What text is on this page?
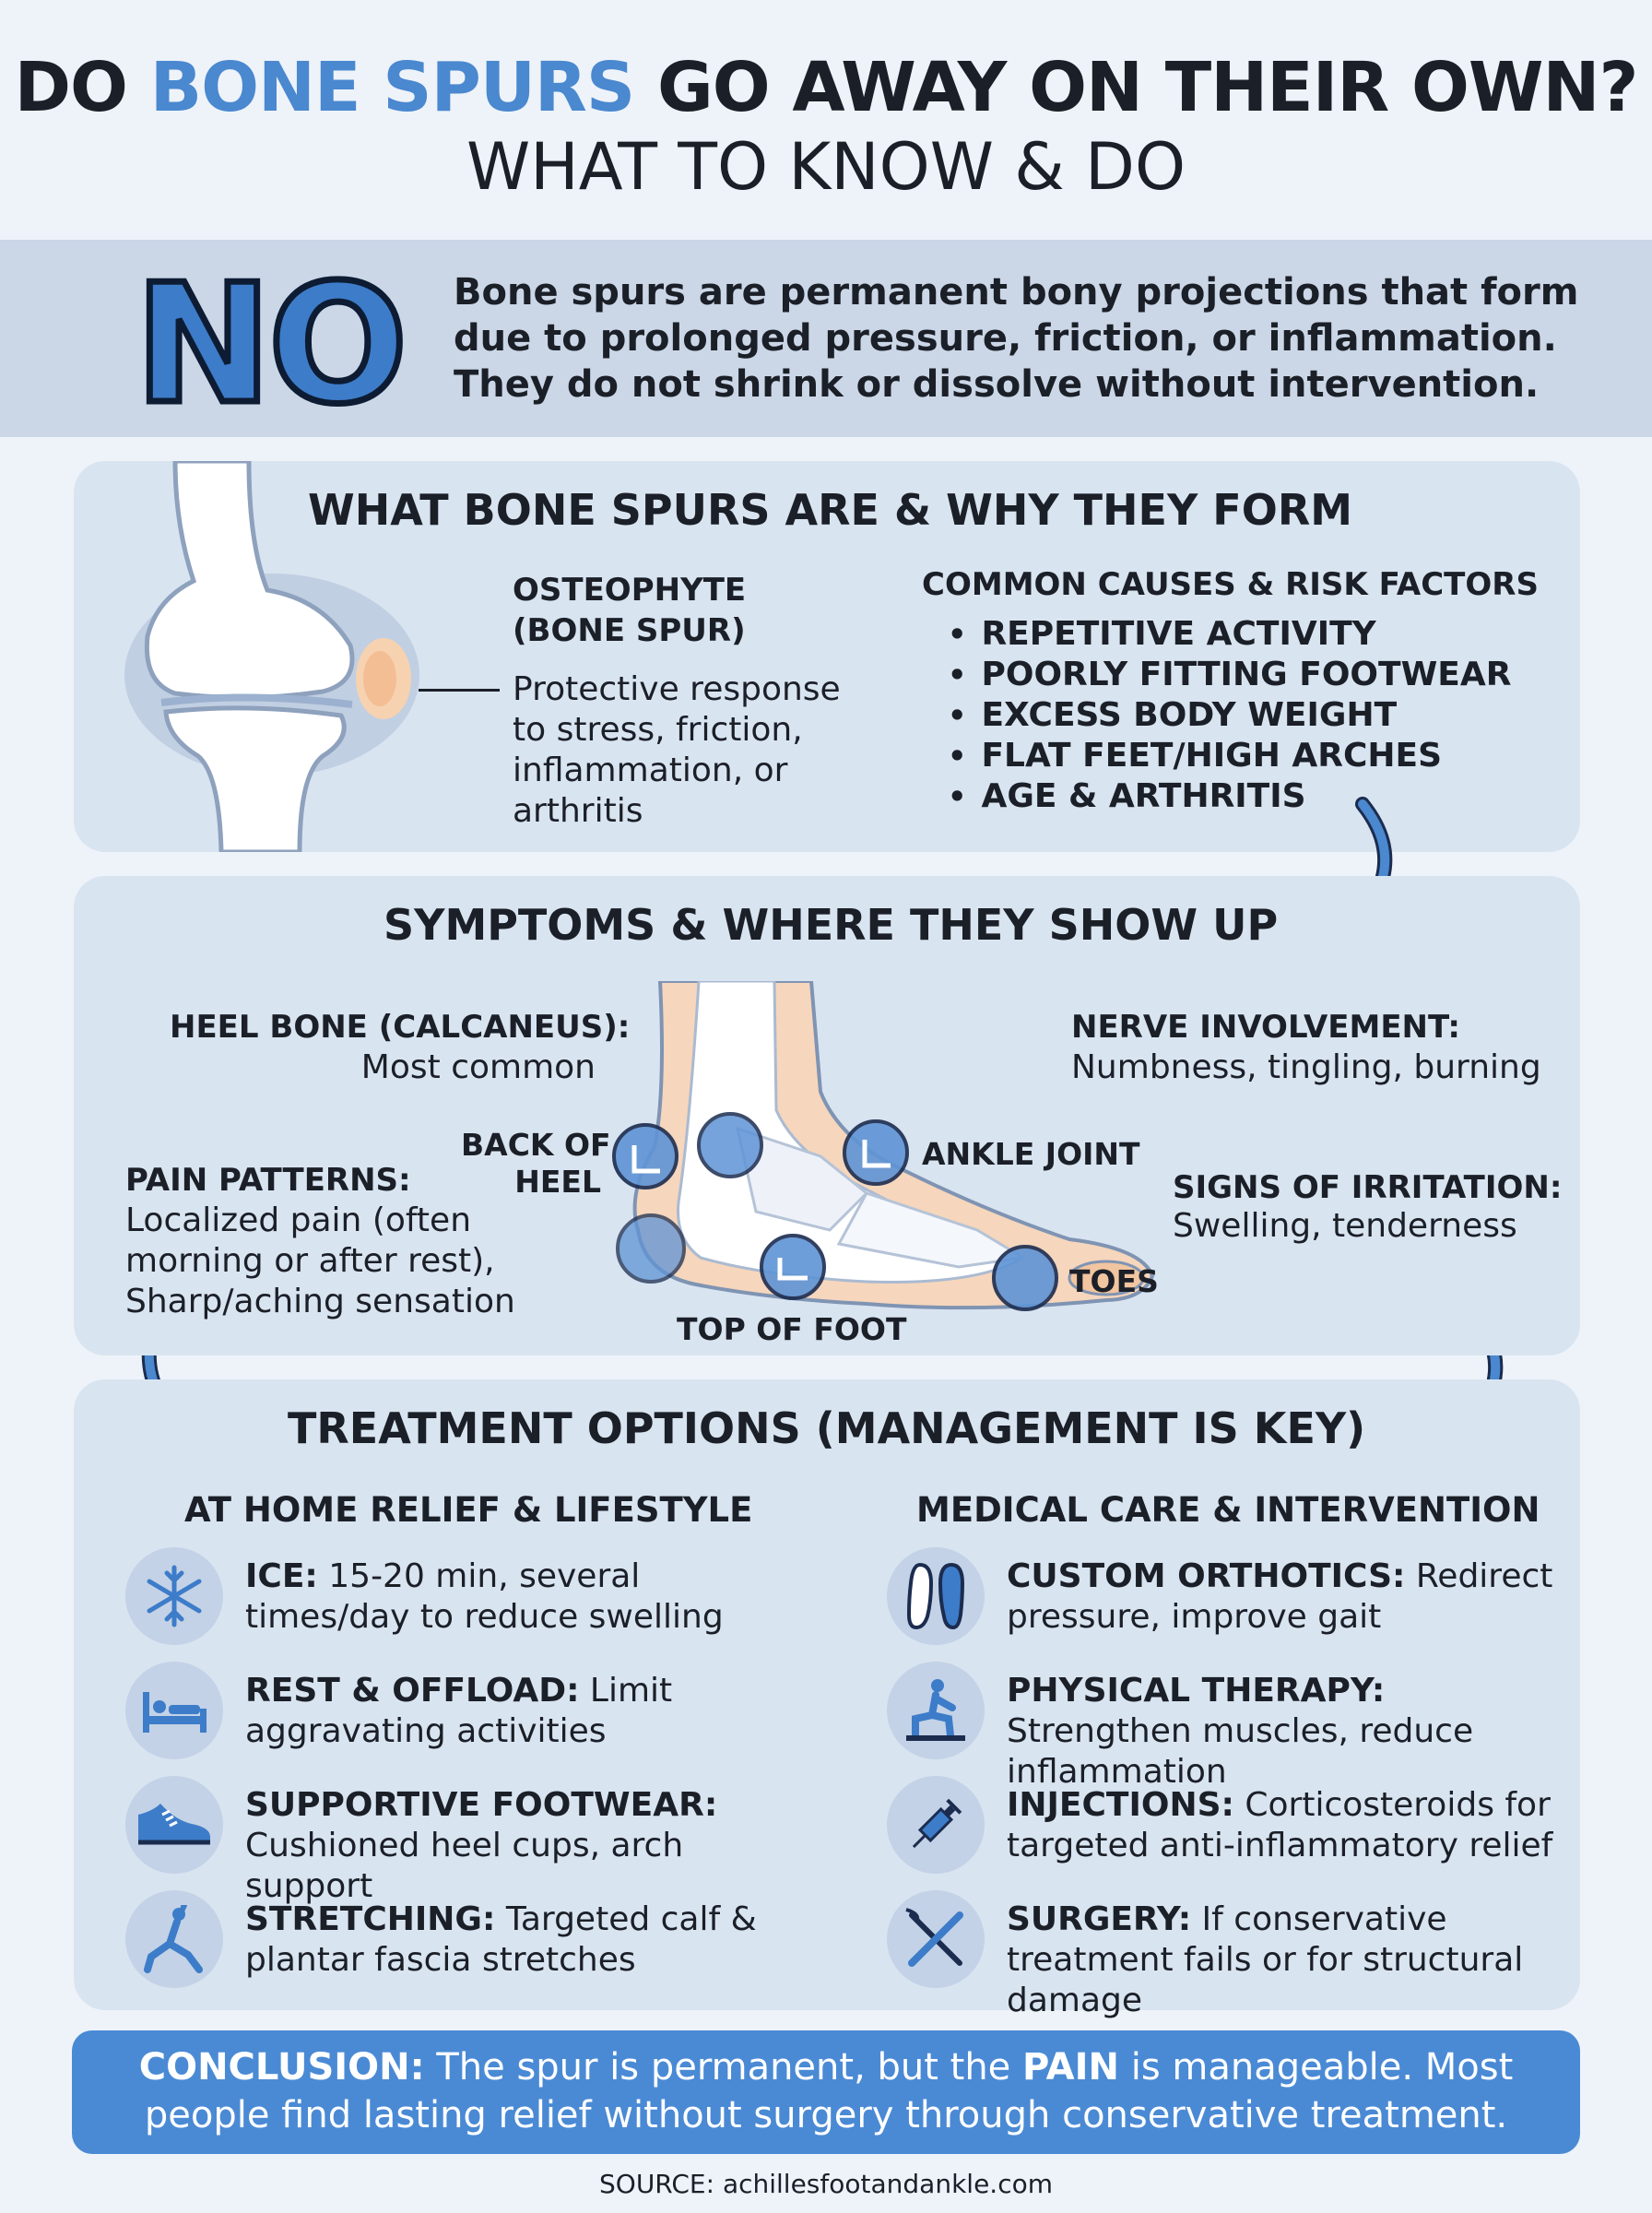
DO BONE SPURS GO AWAY ON THEIR OWN?
WHAT TO KNOW & DO
NO Bone spurs are permanent bony projections that form due to prolonged pressure, friction, or inflammation. They do not shrink or dissolve without intervention.
WHAT BONE SPURS ARE & WHY THEY FORM
OSTEOPHYTE
(BONE SPUR)
Protective response to stress, friction, inflammation, or arthritis
COMMON CAUSES & RISK FACTORS
• REPETITIVE ACTIVITY
• POORLY FITTING FOOTWEAR
• EXCESS BODY WEIGHT
• FLAT FEET/HIGH ARCHES
• AGE & ARTHRITIS
SYMPTOMS & WHERE THEY SHOW UP
HEEL BONE (CALCANEUS):
Most common
NERVE INVOLVEMENT:
Numbness, tingling, burning
PAIN PATTERNS:
Localized pain (often morning or after rest), Sharp/aching sensation
SIGNS OF IRRITATION:
Swelling, tenderness
BACK OF
HEEL
ANKLE JOINT
TOES
TOP OF FOOT
TREATMENT OPTIONS (MANAGEMENT IS KEY)
AT HOME RELIEF & LIFESTYLE	MEDICAL CARE & INTERVENTION
ICE: 15-20 min, several times/day to reduce swelling
REST & OFFLOAD: Limit aggravating activities
SUPPORTIVE FOOTWEAR:
Cushioned heel cups, arch support
STRETCHING: Targeted calf & plantar fascia stretches
CUSTOM ORTHOTICS: Redirect pressure, improve gait
PHYSICAL THERAPY: Strengthen muscles, reduce inflammation
INJECTIONS: Corticosteroids for targeted anti-inflammatory relief
SURGERY: If conservative treatment fails or for structural damage
CONCLUSION: The spur is permanent, but the PAIN is manageable. Most people find lasting relief without surgery through conservative treatment.
SOURCE: achillesfootandankle.com
